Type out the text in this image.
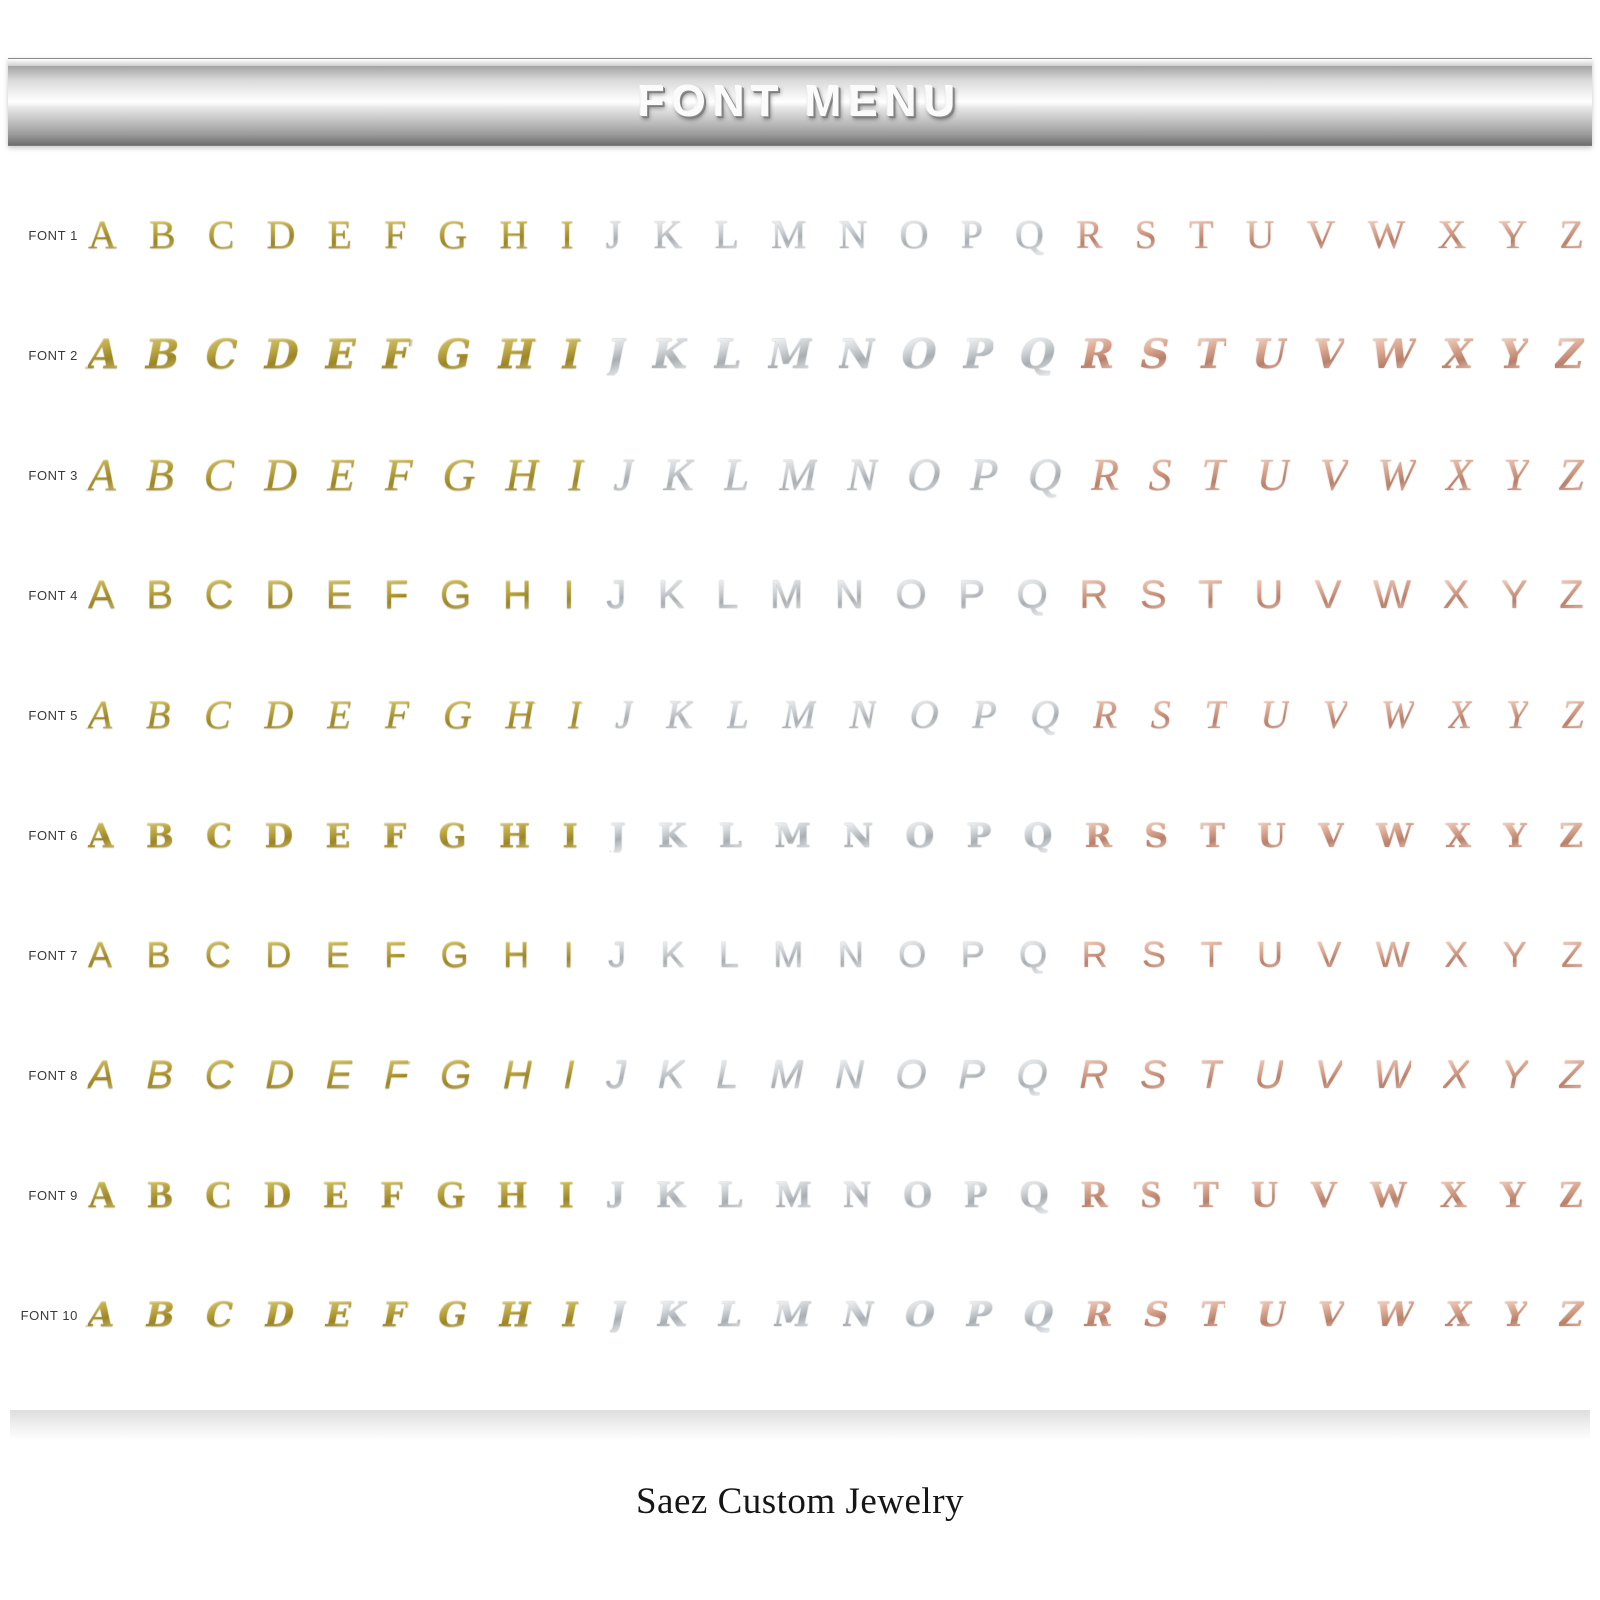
FONT MENU
FONT 1 A B C D E F G H I J K L M N O P Q R S T U V W X Y Z
FONT 2 A B C D E F G H I J K L M N O P Q R S T U V W X Y Z
FONT 3 A B C D E F G H I J K L M N O P Q R S T U V W X Y Z
FONT 4 A B C D E F G H I J K L M N O P Q R S T U V W X Y Z
FONT 5 A B C D E F G H I J K L M N O P Q R S T U V W X Y Z
FONT 6 A B C D E F G H I J K L M N O P Q R S T U V W X Y Z
FONT 7 A B C D E F G H I J K L M N O P Q R S T U V W X Y Z
FONT 8 A B C D E F G H I J K L M N O P Q R S T U V W X Y Z
FONT 9 A B C D E F G H I J K L M N O P Q R S T U V W X Y Z
FONT 10 A B C D E F G H I J K L M N O P Q R S T U V W X Y Z
Saez Custom Jewelry
